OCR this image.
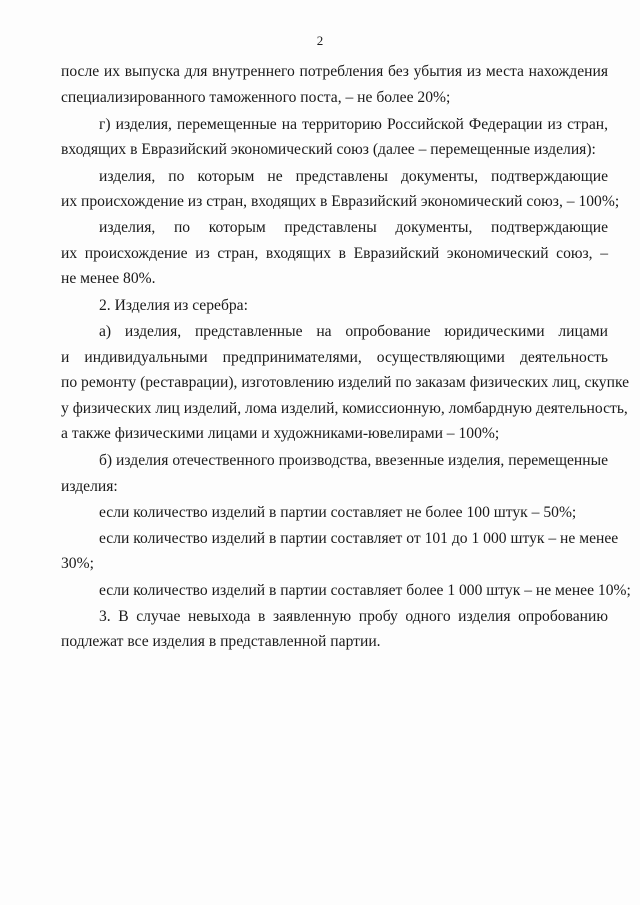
2
после их выпуска для внутреннего потребления без убытия из места нахождения
специализированного таможенного поста, – не более 20%;
г) изделия, перемещенные на территорию Российской Федерации из стран,
входящих в Евразийский экономический союз (далее – перемещенные изделия):
изделия, по которым не представлены документы, подтверждающие
их происхождение из стран, входящих в Евразийский экономический союз, – 100%;
изделия, по которым представлены документы, подтверждающие
их происхождение из стран, входящих в Евразийский экономический союз, –
не менее 80%.
2. Изделия из серебра:
а) изделия, представленные на опробование юридическими лицами
и индивидуальными предпринимателями, осуществляющими деятельность
по ремонту (реставрации), изготовлению изделий по заказам физических лиц, скупке
у физических лиц изделий, лома изделий, комиссионную, ломбардную деятельность,
а также физическими лицами и художниками-ювелирами – 100%;
б) изделия отечественного производства, ввезенные изделия, перемещенные
изделия:
если количество изделий в партии составляет не более 100 штук – 50%;
если количество изделий в партии составляет от 101 до 1 000 штук – не менее
30%;
если количество изделий в партии составляет более 1 000 штук – не менее 10%;
3. В случае невыхода в заявленную пробу одного изделия опробованию
подлежат все изделия в представленной партии.
